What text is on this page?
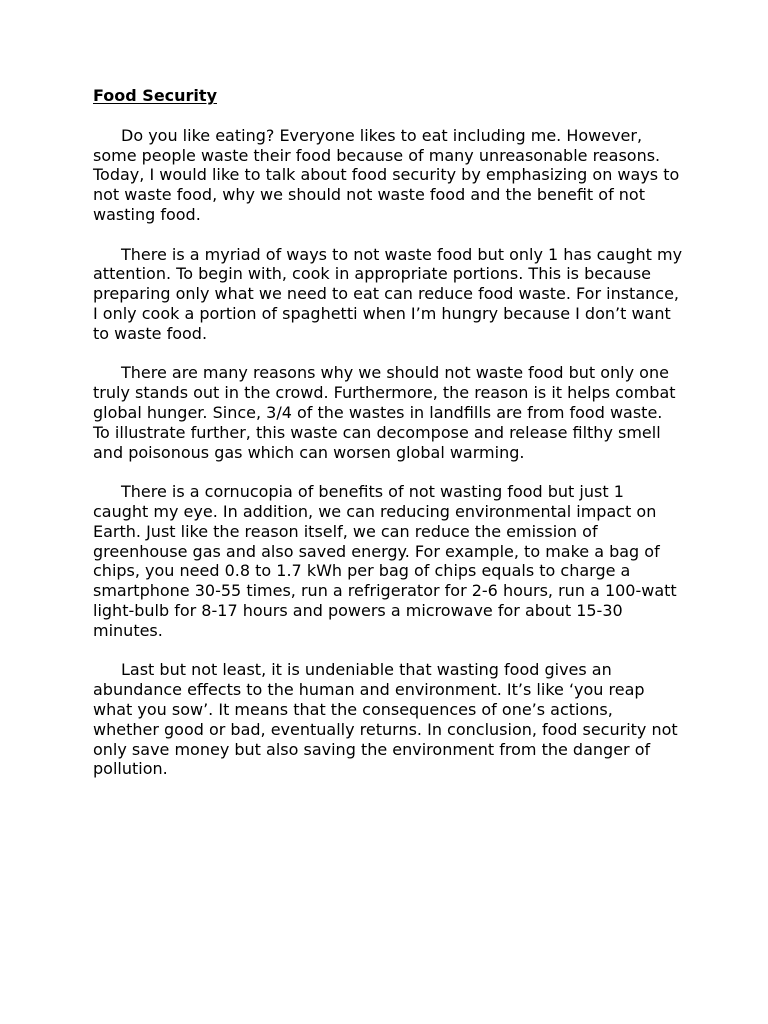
Food Security

Do you like eating? Everyone likes to eat including me. However, some people waste their food because of many unreasonable reasons. Today, I would like to talk about food security by emphasizing on ways to not waste food, why we should not waste food and the benefit of not wasting food.

There is a myriad of ways to not waste food but only 1 has caught my attention. To begin with, cook in appropriate portions. This is because preparing only what we need to eat can reduce food waste. For instance, I only cook a portion of spaghetti when I’m hungry because I don’t want to waste food.

There are many reasons why we should not waste food but only one truly stands out in the crowd. Furthermore, the reason is it helps combat global hunger. Since, 3/4 of the wastes in landfills are from food waste. To illustrate further, this waste can decompose and release filthy smell and poisonous gas which can worsen global warming.

There is a cornucopia of benefits of not wasting food but just 1 caught my eye. In addition, we can reducing environmental impact on Earth. Just like the reason itself, we can reduce the emission of greenhouse gas and also saved energy. For example, to make a bag of chips, you need 0.8 to 1.7 kWh per bag of chips equals to charge a smartphone 30-55 times, run a refrigerator for 2-6 hours, run a 100-watt light-bulb for 8-17 hours and powers a microwave for about 15-30 minutes.

Last but not least, it is undeniable that wasting food gives an abundance effects to the human and environment. It’s like ‘you reap what you sow’. It means that the consequences of one’s actions, whether good or bad, eventually returns. In conclusion, food security not only save money but also saving the environment from the danger of pollution.
